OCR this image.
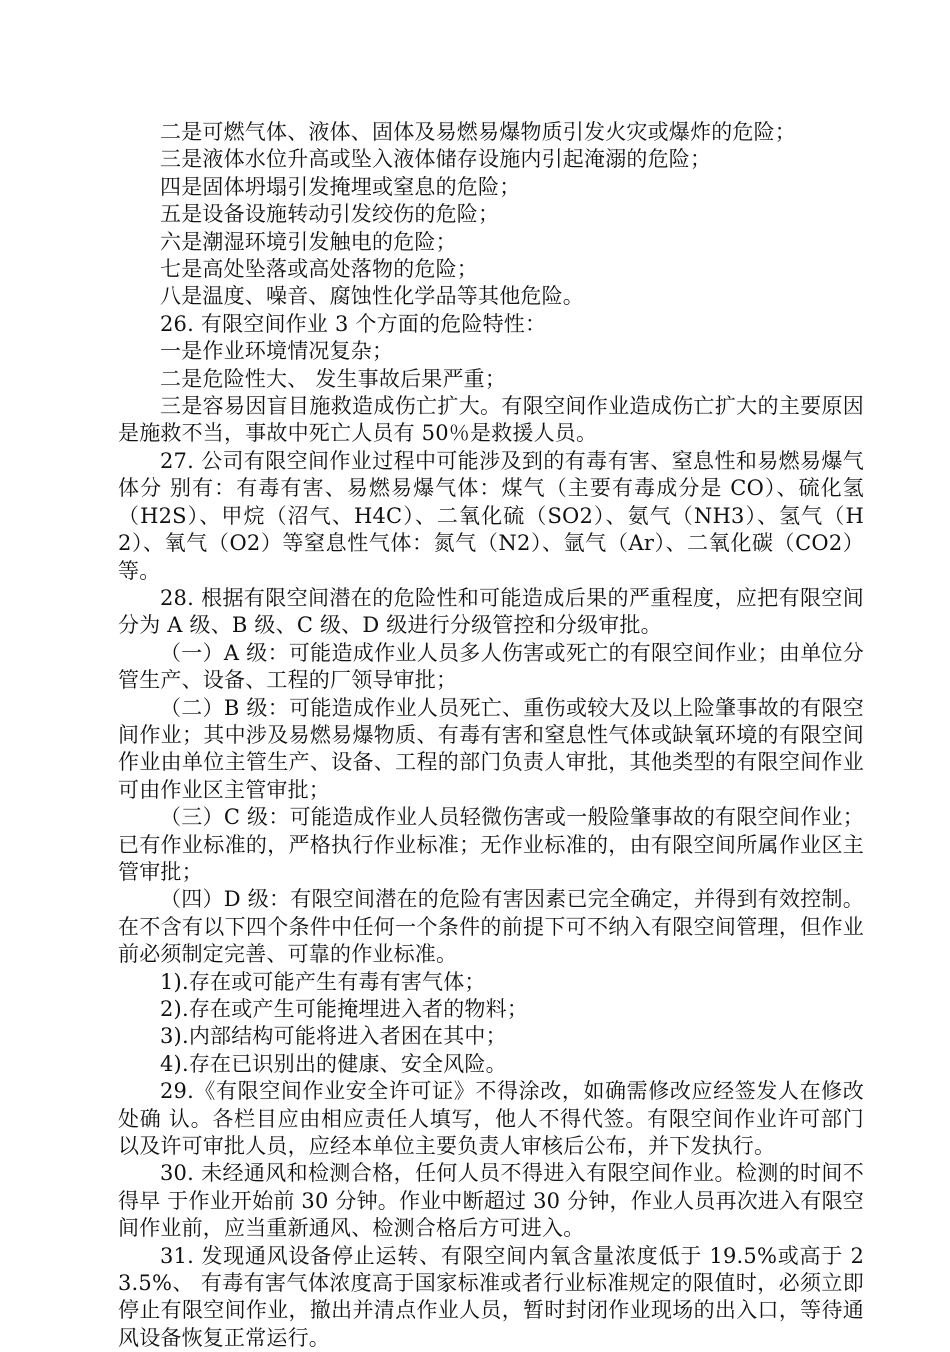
二是可燃气体、液体、固体及易燃易爆物质引发火灾或爆炸的危险；

三是液体水位升高或坠入液体储存设施内引起淹溺的危险；

四是固体坍塌引发掩埋或窒息的危险；

五是设备设施转动引发绞伤的危险；

六是潮湿环境引发触电的危险；

七是高处坠落或高处落物的危险；

八是温度、噪音、腐蚀性化学品等其他危险。

26. 有限空间作业 3 个方面的危险特性：

一是作业环境情况复杂；

二是危险性大、 发生事故后果严重；

三是容易因盲目施救造成伤亡扩大。有限空间作业造成伤亡扩大的主要原因是施救不当，事故中死亡人员有 50％是救援人员。

27. 公司有限空间作业过程中可能涉及到的有毒有害、窒息性和易燃易爆气体分 别有：有毒有害、易燃易爆气体：煤气（主要有毒成分是 CO）、硫化氢（H2S）、甲烷（沼气、H4C）、二氧化硫（SO2）、氨气（NH3）、氢气（H2）、氧气（O2）等窒息性气体：氮气（N2）、氩气（Ar）、二氧化碳（CO2）等。

28. 根据有限空间潜在的危险性和可能造成后果的严重程度，应把有限空间分为 A 级、B 级、C 级、D 级进行分级管控和分级审批。

（一）A 级：可能造成作业人员多人伤害或死亡的有限空间作业；由单位分管生产、设备、工程的厂领导审批；

（二）B 级：可能造成作业人员死亡、重伤或较大及以上险肇事故的有限空间作业；其中涉及易燃易爆物质、有毒有害和窒息性气体或缺氧环境的有限空间作业由单位主管生产、设备、工程的部门负责人审批，其他类型的有限空间作业可由作业区主管审批；

（三）C 级：可能造成作业人员轻微伤害或一般险肇事故的有限空间作业；已有作业标准的，严格执行作业标准；无作业标准的，由有限空间所属作业区主管审批；

（四）D 级：有限空间潜在的危险有害因素已完全确定，并得到有效控制。在不含有以下四个条件中任何一个条件的前提下可不纳入有限空间管理，但作业前必须制定完善、可靠的作业标准。

1).存在或可能产生有毒有害气体；

2).存在或产生可能掩埋进入者的物料；

3).内部结构可能将进入者困在其中；

4).存在已识别出的健康、安全风险。

29.《有限空间作业安全许可证》不得涂改，如确需修改应经签发人在修改处确 认。各栏目应由相应责任人填写，他人不得代签。有限空间作业许可部门以及许可审批人员，应经本单位主要负责人审核后公布，并下发执行。

30. 未经通风和检测合格，任何人员不得进入有限空间作业。检测的时间不得早 于作业开始前 30 分钟。作业中断超过 30 分钟，作业人员再次进入有限空间作业前，应当重新通风、检测合格后方可进入。

31. 发现通风设备停止运转、有限空间内氧含量浓度低于 19.5%或高于 23.5%、 有毒有害气体浓度高于国家标准或者行业标准规定的限值时，必须立即停止有限空间作业，撤出并清点作业人员，暂时封闭作业现场的出入口，等待通风设备恢复正常运行。
